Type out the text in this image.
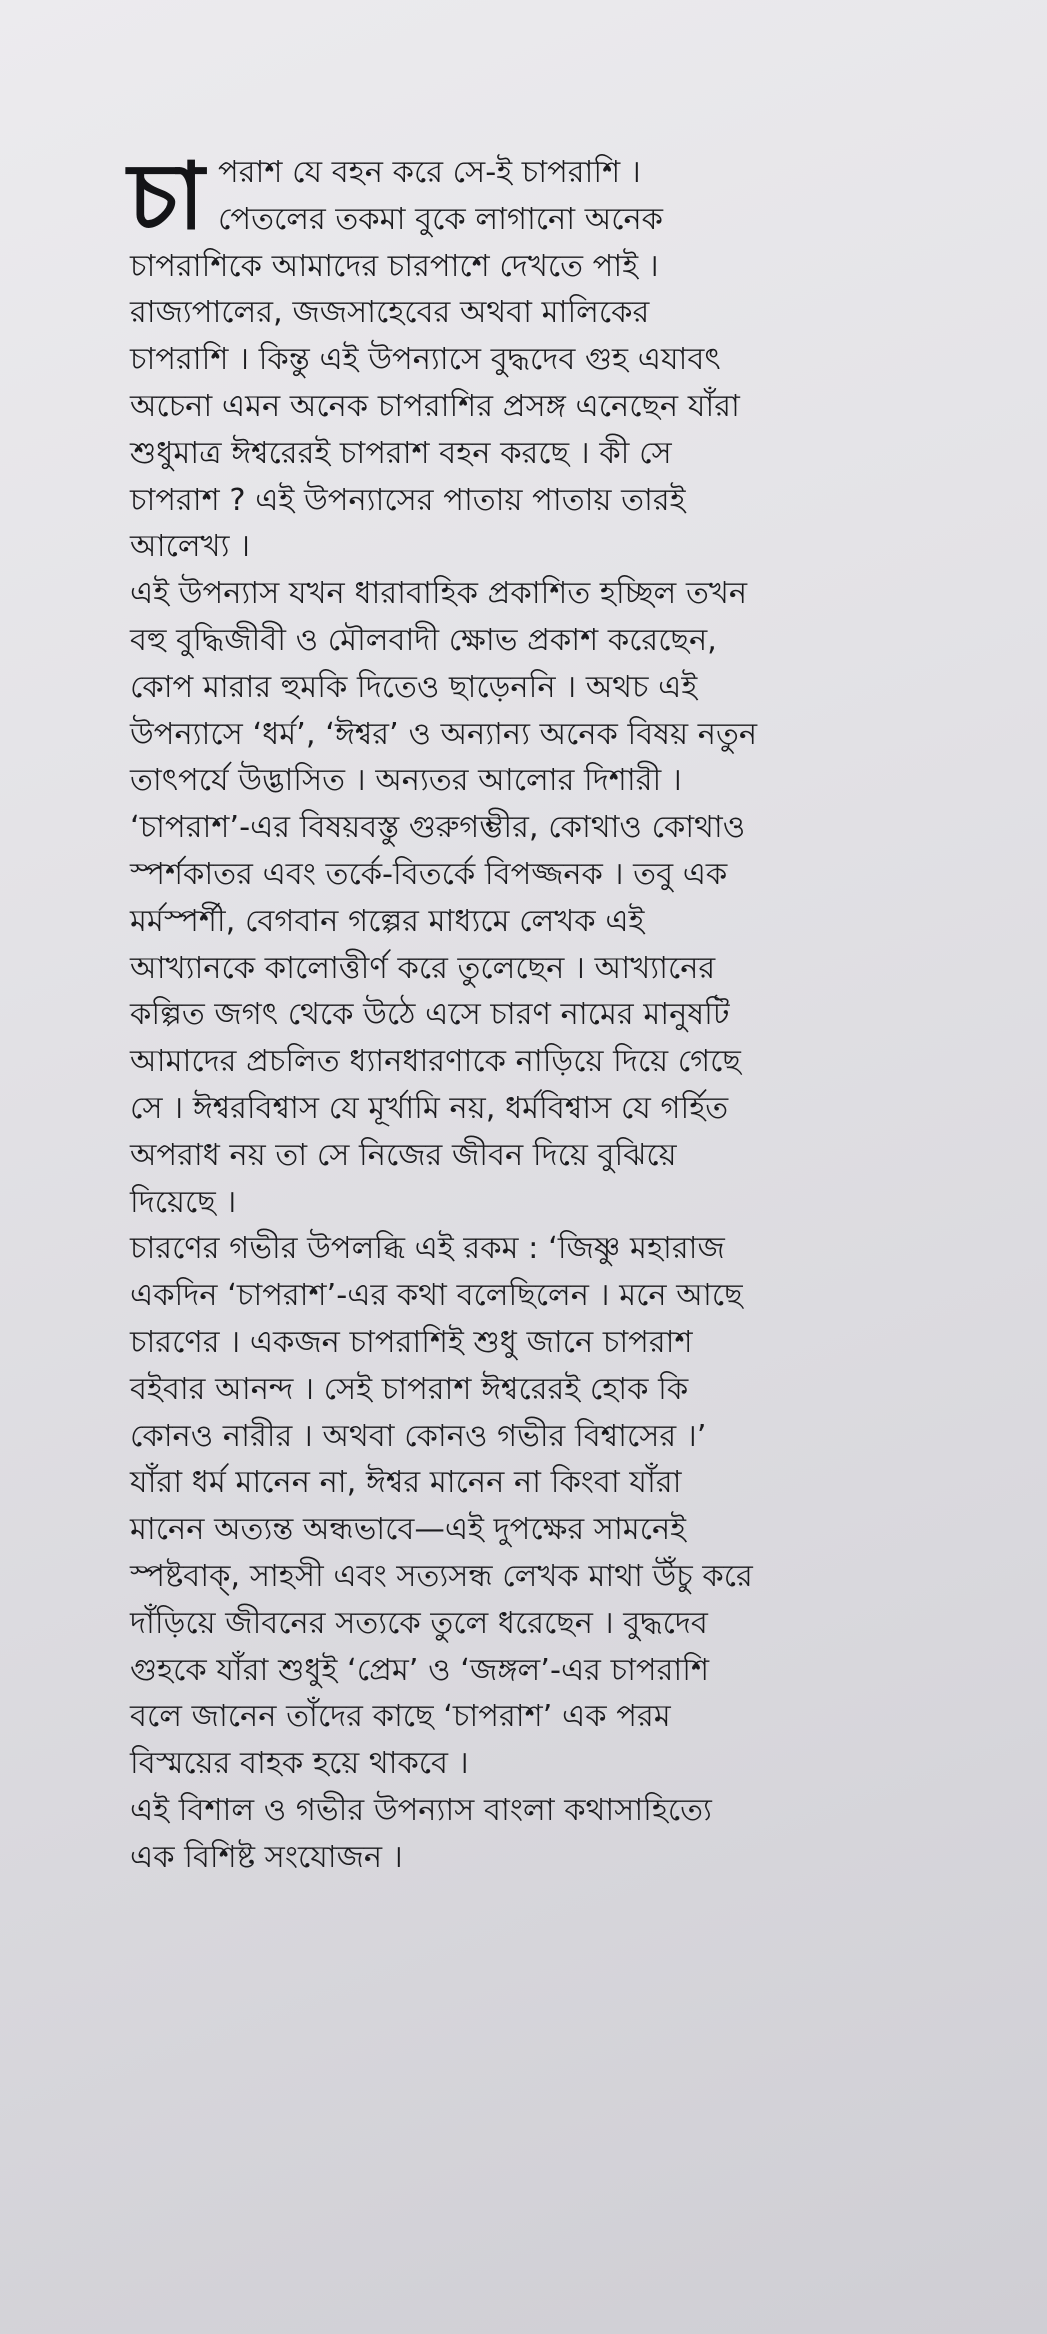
চা পরাশ যে বহন করে সে-ই চাপরাশি ।
পেতলের তকমা বুকে লাগানো অনেক
চাপরাশিকে আমাদের চারপাশে দেখতে পাই ।
রাজ্যপালের, জজসাহেবের অথবা মালিকের
চাপরাশি । কিন্তু এই উপন্যাসে বুদ্ধদেব গুহ এযাবৎ
অচেনা এমন অনেক চাপরাশির প্রসঙ্গ এনেছেন যাঁরা
শুধুমাত্র ঈশ্বরেরই চাপরাশ বহন করছে । কী সে
চাপরাশ ? এই উপন্যাসের পাতায় পাতায় তারই
আলেখ্য ।

এই উপন্যাস যখন ধারাবাহিক প্রকাশিত হচ্ছিল তখন
বহু বুদ্ধিজীবী ও মৌলবাদী ক্ষোভ প্রকাশ করেছেন,
কোপ মারার হুমকি দিতেও ছাড়েননি । অথচ এই
উপন্যাসে ‘ধর্ম’, ‘ঈশ্বর’ ও অন্যান্য অনেক বিষয় নতুন
তাৎপর্যে উদ্ভাসিত । অন্যতর আলোর দিশারী ।
‘চাপরাশ’-এর বিষয়বস্তু গুরুগম্ভীর, কোথাও কোথাও
স্পর্শকাতর এবং তর্কে-বিতর্কে বিপজ্জনক । তবু এক
মর্মস্পর্শী, বেগবান গল্পের মাধ্যমে লেখক এই
আখ্যানকে কালোত্তীর্ণ করে তুলেছেন । আখ্যানের
কল্পিত জগৎ থেকে উঠে এসে চারণ নামের মানুষটি
আমাদের প্রচলিত ধ্যানধারণাকে নাড়িয়ে দিয়ে গেছে
সে । ঈশ্বরবিশ্বাস যে মূর্খামি নয়, ধর্মবিশ্বাস যে গর্হিত
অপরাধ নয় তা সে নিজের জীবন দিয়ে বুঝিয়ে
দিয়েছে ।

চারণের গভীর উপলব্ধি এই রকম : ‘জিষ্ণু মহারাজ
একদিন ‘চাপরাশ’-এর কথা বলেছিলেন । মনে আছে
চারণের । একজন চাপরাশিই শুধু জানে চাপরাশ
বইবার আনন্দ । সেই চাপরাশ ঈশ্বরেরই হোক কি
কোনও নারীর । অথবা কোনও গভীর বিশ্বাসের ।’
যাঁরা ধর্ম মানেন না, ঈশ্বর মানেন না কিংবা যাঁরা
মানেন অত্যন্ত অন্ধভাবে—এই দুপক্ষের সামনেই
স্পষ্টবাক্, সাহসী এবং সত্যসন্ধ লেখক মাথা উঁচু করে
দাঁড়িয়ে জীবনের সত্যকে তুলে ধরেছেন । বুদ্ধদেব
গুহকে যাঁরা শুধুই ‘প্রেম’ ও ‘জঙ্গল’-এর চাপরাশি
বলে জানেন তাঁদের কাছে ‘চাপরাশ’ এক পরম
বিস্ময়ের বাহক হয়ে থাকবে ।

এই বিশাল ও গভীর উপন্যাস বাংলা কথাসাহিত্যে
এক বিশিষ্ট সংযোজন ।
